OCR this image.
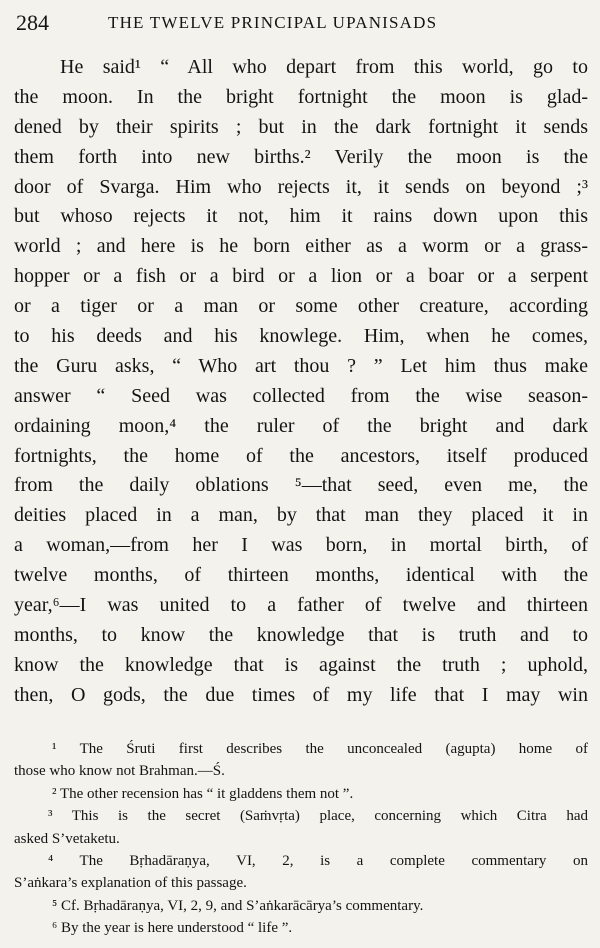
284	THE TWELVE PRINCIPAL UPANISADS
He said¹ “ All who depart from this world, go to
the moon. In the bright fortnight the moon is glad-
dened by their spirits ; but in the dark fortnight it sends
them forth into new births.² Verily the moon is the
door of Svarga. Him who rejects it, it sends on beyond ;³
but whoso rejects it not, him it rains down upon this
world ; and here is he born either as a worm or a grass-
hopper or a fish or a bird or a lion or a boar or a serpent
or a tiger or a man or some other creature, according
to his deeds and his knowlege. Him, when he comes,
the Guru asks, “ Who art thou ? ” Let him thus make
answer “ Seed was collected from the wise season-
ordaining moon,⁴ the ruler of the bright and dark
fortnights, the home of the ancestors, itself produced
from the daily oblations ⁵—that seed, even me, the
deities placed in a man, by that man they placed it in
a woman,—from her I was born, in mortal birth, of
twelve months, of thirteen months, identical with the
year,⁶—I was united to a father of twelve and thirteen
months, to know the knowledge that is truth and to
know the knowledge that is against the truth ; uphold,
then, O gods, the due times of my life that I may win
¹ The Śruti first describes the unconcealed (agupta) home of
those who know not Brahman.—Ś.
² The other recension has “ it gladdens them not ”.
³ This is the secret (Saṁvṛta) place, concerning which Citra had
asked S’vetaketu.
⁴ The Bṛhadāraṇya, VI, 2, is a complete commentary on
S’aṅkara’s explanation of this passage.
⁵ Cf. Bṛhadāraṇya, VI, 2, 9, and S’aṅkarācārya’s commentary.
⁶ By the year is here understood “ life ”.
